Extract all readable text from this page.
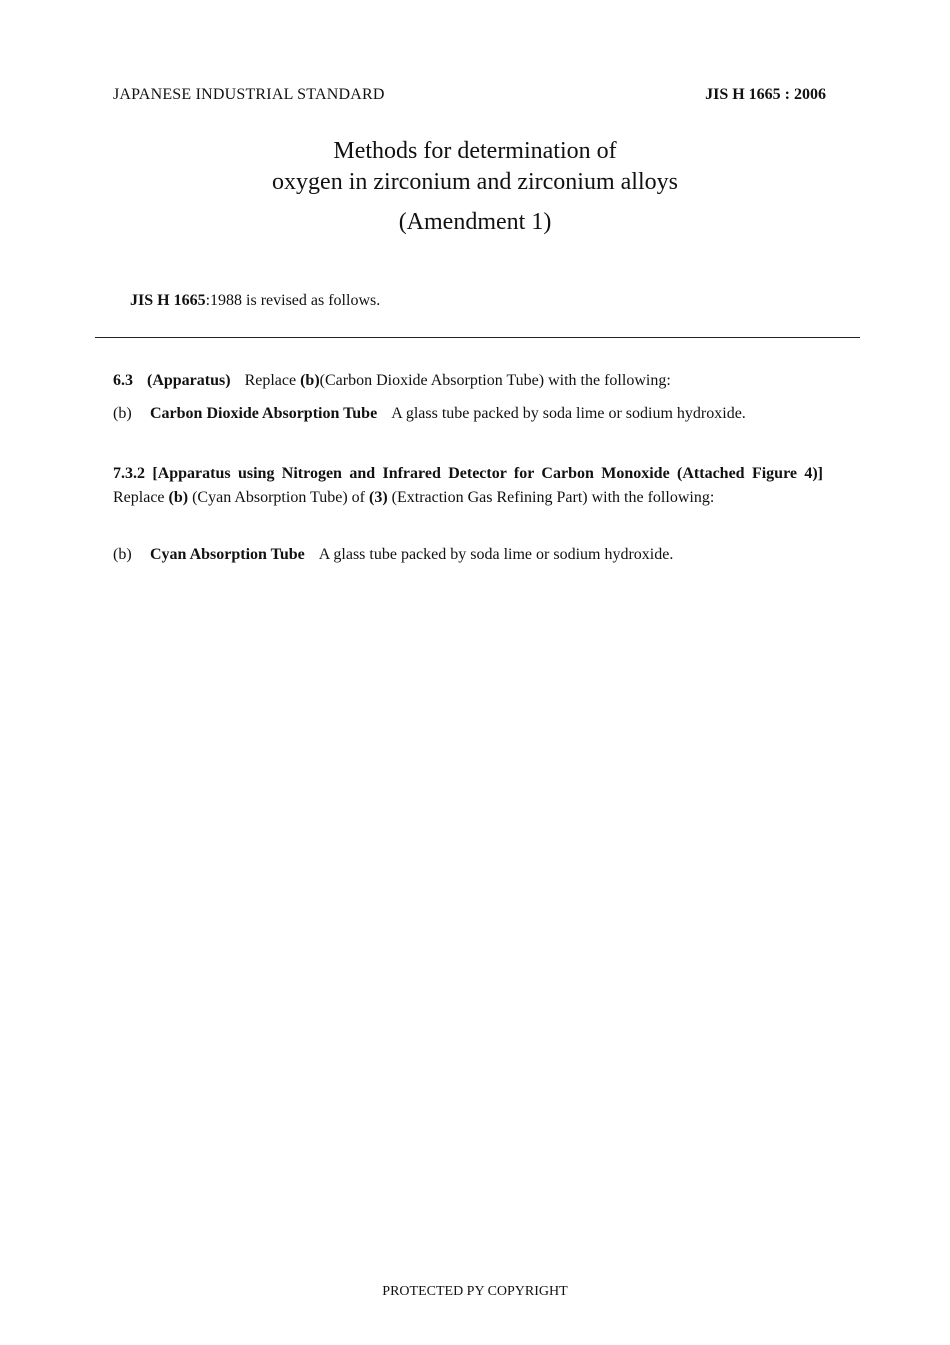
JAPANESE INDUSTRIAL STANDARD	JIS H 1665 : 2006
Methods for determination of
oxygen in zirconium and zirconium alloys
(Amendment 1)
JIS H 1665:1988 is revised as follows.
6.3 (Apparatus) Replace (b)(Carbon Dioxide Absorption Tube) with the following:
(b) Carbon Dioxide Absorption Tube A glass tube packed by soda lime or sodium hydroxide.
7.3.2 [Apparatus using Nitrogen and Infrared Detector for Carbon Monoxide (Attached Figure 4)]Replace (b) (Cyan Absorption Tube) of (3) (Extraction Gas Refining Part) with the following:
(b) Cyan Absorption Tube A glass tube packed by soda lime or sodium hydroxide.
PROTECTED PY COPYRIGHT
